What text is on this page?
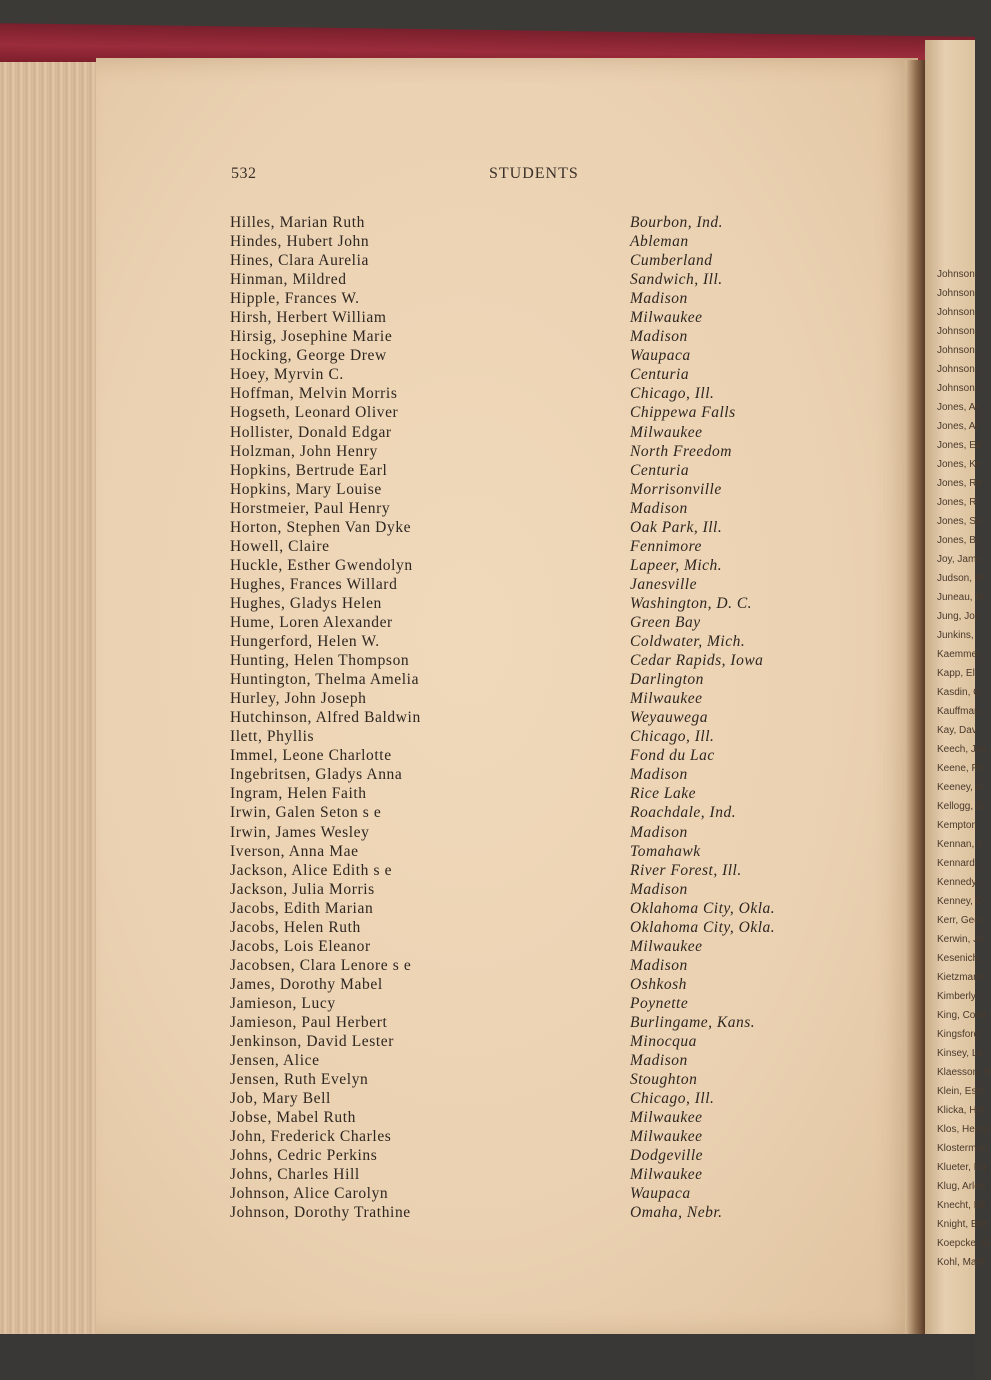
Johnson,
Johnson,
Johnson,
Johnson,
Johnson,
Johnson,
Johnson,
Jones, Ar
Jones, Ar
Jones, Ed
Jones, Ke
Jones, Re
Jones, Ri
Jones, Sa
Jones, By
Joy, Jame
Judson, M
Juneau, M
Jung, Jos
Junkins,
Kaemmer
Kapp, El
Kasdin, G
Kauffman,
Kay, Dav
Keech, Jos
Keene, Ph
Keeney, H
Kellogg, G
Kempton,
Kennan, J
Kennard,
Kennedy,
Kenney, C
Kerr, Geor
Kerwin, Jo
Kesenich,
Kietzmann
Kimberly,
King, Corin
Kingsford,
Kinsey, La
Klaesson, R
Klein, Esth
Klicka, Hel
Klos, Henry
Klosterman
Klueter, Ka
Klug, Arlee
Knecht, Eli
Knight, Elle
Koepcke, G
Kohl, Marti
532	STUDENTS
Hilles, Marian Ruth	Bourbon, Ind.
Hindes, Hubert John	Ableman
Hines, Clara Aurelia	Cumberland
Hinman, Mildred	Sandwich, Ill.
Hipple, Frances W.	Madison
Hirsh, Herbert William	Milwaukee
Hirsig, Josephine Marie	Madison
Hocking, George Drew	Waupaca
Hoey, Myrvin C.	Centuria
Hoffman, Melvin Morris	Chicago, Ill.
Hogseth, Leonard Oliver	Chippewa Falls
Hollister, Donald Edgar	Milwaukee
Holzman, John Henry	North Freedom
Hopkins, Bertrude Earl	Centuria
Hopkins, Mary Louise	Morrisonville
Horstmeier, Paul Henry	Madison
Horton, Stephen Van Dyke	Oak Park, Ill.
Howell, Claire	Fennimore
Huckle, Esther Gwendolyn	Lapeer, Mich.
Hughes, Frances Willard	Janesville
Hughes, Gladys Helen	Washington, D. C.
Hume, Loren Alexander	Green Bay
Hungerford, Helen W.	Coldwater, Mich.
Hunting, Helen Thompson	Cedar Rapids, Iowa
Huntington, Thelma Amelia	Darlington
Hurley, John Joseph	Milwaukee
Hutchinson, Alfred Baldwin	Weyauwega
Ilett, Phyllis	Chicago, Ill.
Immel, Leone Charlotte	Fond du Lac
Ingebritsen, Gladys Anna	Madison
Ingram, Helen Faith	Rice Lake
Irwin, Galen Seton s e	Roachdale, Ind.
Irwin, James Wesley	Madison
Iverson, Anna Mae	Tomahawk
Jackson, Alice Edith s e	River Forest, Ill.
Jackson, Julia Morris	Madison
Jacobs, Edith Marian	Oklahoma City, Okla.
Jacobs, Helen Ruth	Oklahoma City, Okla.
Jacobs, Lois Eleanor	Milwaukee
Jacobsen, Clara Lenore s e	Madison
James, Dorothy Mabel	Oshkosh
Jamieson, Lucy	Poynette
Jamieson, Paul Herbert	Burlingame, Kans.
Jenkinson, David Lester	Minocqua
Jensen, Alice	Madison
Jensen, Ruth Evelyn	Stoughton
Job, Mary Bell	Chicago, Ill.
Jobse, Mabel Ruth	Milwaukee
John, Frederick Charles	Milwaukee
Johns, Cedric Perkins	Dodgeville
Johns, Charles Hill	Milwaukee
Johnson, Alice Carolyn	Waupaca
Johnson, Dorothy Trathine	Omaha, Nebr.
